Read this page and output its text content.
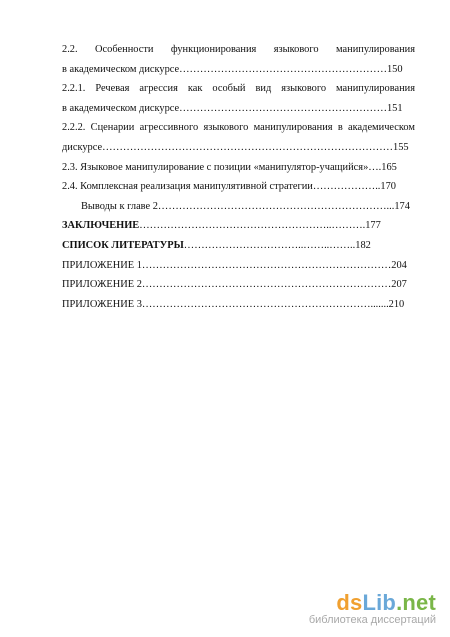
2.2. Особенности функционирования языкового манипулирования
в академическом дискурсе……………………………………………………150
2.2.1. Речевая агрессия как особый вид языкового манипулирования
в академическом дискурсе……………………………………………………151
2.2.2. Сценарии агрессивного языкового манипулирования в академическом
дискурсе…………………………………………………………………………155
2.3. Языковое манипулирование с позиции «манипулятор-учащийся»….165
2.4. Комплексная реализация манипулятивной стратегии………………..170
Выводы к главе 2…………………………………………………………...174
ЗАКЛЮЧЕНИЕ………………………………………………..……….177
СПИСОК ЛИТЕРАТУРЫ……………………………..……..……..182
ПРИЛОЖЕНИЕ 1………………………………………………………………204
ПРИЛОЖЕНИЕ 2………………………………………………………………207
ПРИЛОЖЕНИЕ 3………………………………………………………….......210
dsLib.net
библиотека диссертаций
